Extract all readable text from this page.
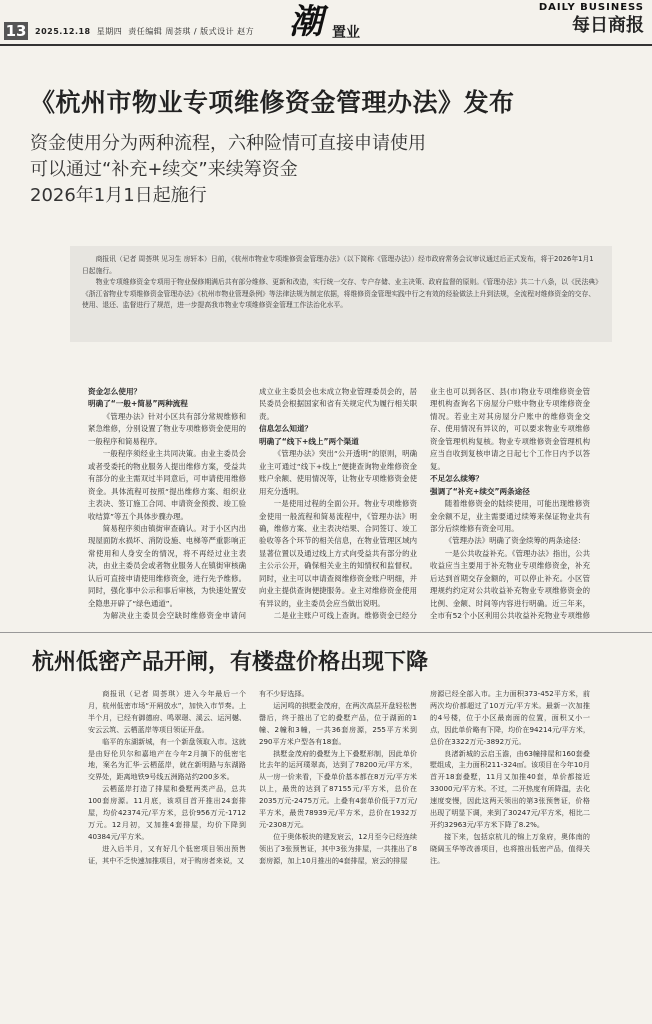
13 2025.12.18 星期四 责任编辑 周荟琪 / 版式设计 赵方 潮 置业
DAILY BUSINESS
每日商报
《杭州市物业专项维修资金管理办法》发布
资金使用分为两种流程，六种险情可直接申请使用
可以通过“补充+续交”来续筹资金
2026年1月1日起施行

商报讯（记者 周荟琪 见习生 房轩本）日前，《杭州市物业专项维修资金管理办法》（以下简称《管理办法》）经市政府常务会议审议通过后正式发布，将于2026年1月1日起施行。

物业专项维修资金专项用于物业保修期满后共有部分维修、更新和改造，实行统一交存、专户存储、业主决策、政府监督的原则。《管理办法》共二十八条，以《民法典》《浙江省物业专项维修资金管理办法》《杭州市物业管理条例》等法律法规为制定依据，将维修资金管理实践中行之有效的经验做法上升到法规，全流程对维修资金的交存、使用、退还、监督进行了规范，进一步提高我市物业专项维修资金管理工作法治化水平。

资金怎么使用？

明确了“一般+简易”两种流程

《管理办法》针对小区共有部分常规维修和紧急维修，分别设置了物业专项维修资金使用的一般程序和简易程序。

一般程序须经业主共同决策。由业主委员会或者受委托的物业服务人提出维修方案，受益共有部分的业主需双过半同意后，可申请使用维修资金。具体流程可按照“提出维修方案、组织业主表决、签订施工合同、申请资金预拨、竣工验收结算”等五个具体步骤办理。

简易程序须由镇街审查确认。对于小区内出现屋面防水损坏、消防设施、电梯等严重影响正常使用和人身安全的情况，将不再经过业主表决，由业主委员会或者物业服务人在镇街审核确认后可直接申请使用维修资金，进行先予维修。同时，强化事中公示和事后审核，为快速处置安全隐患开辟了“绿色通道”。

为解决业主委员会空缺时维修资金申请问

成立业主委员会也未成立物业管理委员会的，居民委员会根据国家和省有关规定代为履行相关职责。

信息怎么知道？

明确了“线下+线上”两个渠道

《管理办法》突出“公开透明”的原则，明确业主可通过“线下+线上”便捷查询物业维修资金账户余额、使用情况等，让物业专项维修资金使用充分透明。

一是使用过程的全面公开。物业专项维修资金使用一般流程和简易流程中，《管理办法》明确，维修方案、业主表决结果、合同签订、竣工验收等各个环节的相关信息，在物业管理区域内显著位置以及通过线上方式向受益共有部分的业主公示公开，确保相关业主的知情权和监督权。同时，业主可以申请查阅维修资金账户明细，并向业主提供查询便捷服务。业主对维修资金使用有异议的，业主委员会应当做出说明。

二是业主账户可线上查询。维修资金已经分

业主也可以到各区、县(市)物业专项维修资金管理机构查询名下房屋分户账中物业专项维修资金情况。若业主对其房屋分户账中的维修资金交存、使用情况有异议的，可以要求物业专项维修资金管理机构复核。物业专项维修资金管理机构应当自收到复核申请之日起七个工作日内予以答复。

不足怎么续筹？

强调了“补充+续交”两条途径

随着维修资金的陆续使用，可能出现维修资金余额不足，业主需要通过续筹来保证物业共有部分后续维修有资金可用。

《管理办法》明确了资金续筹的两条途径：

一是公共收益补充。《管理办法》指出，公共收益应当主要用于补充物业专项维修资金，补充后达到首期交存金额的，可以停止补充。小区管理规约约定对公共收益补充物业专项维修资金的比例、金额、时间等内容进行明确。近三年来，全市有52个小区利用公共收益补充物业专项维修

杭州低密产品开闸，有楼盘价格出现下降

商报讯（记者 周荟琪）进入今年最后一个月，杭州低密市场“开闸放水”，加快入市节奏。上半个月，已经有御德府、鸣翠璟、溪云、运河樾、安云云筑、云栖蓝岸等项目领证开盘。

临平的东湖新城，有一个新盘领取入市。这就是由好伦贝尔和嘉地产在今年2月摘下的低密宅地，案名为汇华·云栖蓝岸，就在新明路与东湖路交界处，距离地铁9号线五洲路站约200多米。

云栖蓝岸打造了排屋和叠墅两类产品，总共100套房源。11月底，该项目首开推出24套排屋，均价42374元/平方米，总价956万元-1712万元。12月初，又加推4套排屋，均价下降到40384元/平方米。

进入后半月，又有好几个低密项目领出预售证，其中不乏快速加推项目，对于购房者来说，又

有不少好选择。

运河鸣的拱墅金茂府，在两次高层开盘轻松售罄后，终于推出了它的叠墅产品，位于湖面的1幢、2幢和3幢，一共36套房源，255平方米到290平方米户型各有18套。

拱墅金茂府的叠墅为上下叠墅形制，因此单价比去年的运河璞翠高，达到了78200元/平方米，从一房一价来看，下叠单价基本都在8万元/平方米以上，最贵的达到了87155元/平方米，总价在2035万元-2475万元。上叠有4套单价低于7万元/平方米，最贵78939元/平方米，总价在1932万元-2308万元。

位于奥体板块的建发宸云，12月至今已经连续领出了3张预售证，其中3张为排屋，一共推出了8套房源，加上10月推出的4套排屋，宸云的排屋

房源已经全部入市。主力面积373-452平方米，前两次均价都超过了10万元/平方米。最新一次加推的4号楼，位于小区最南面的位置，面积又小一点，因此单价略有下降，均价在94214元/平方米，总价在3322万元-3892万元。

良渚新城的云启玉澹，由63幢排屋和160套叠墅组成，主力面积211-324㎡。该项目在今年10月首开18套叠墅，11月又加推40套，单价都接近33000元/平方米。不过，二开热度有所降温，去化速度变慢，因此这两天领出的第3张预售证，价格出现了明显下调，来到了30247元/平方米，相比二开约32963元/平方米下降了8.2%。

接下来，包括京杭儿的锦上万象府，奥体南的晓阔玉华等改善项目，也将推出低密产品，值得关注。
